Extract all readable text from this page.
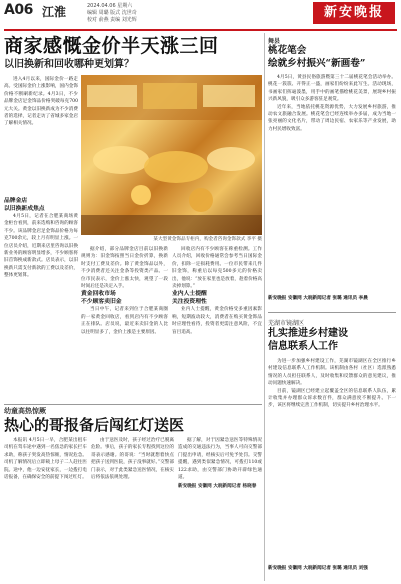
A06 江淮	2024.04.06 星期六
编辑 周璐 版式 沈世奇
校对 俞燕 责编 刘光辉	新安晚报
商家感慨金价半天涨三回
以旧换新和回收哪种更划算？

进入4月以来，国际金价一路走高。受国际金价上涨影响，国内金饰价格不断刷新纪录。4月3日，不少品牌金店足金饰品价格突破每克700元大关。黄金以旧换新成为不少消费者的选择，记者走访了省城多家金店了解相关情况。

品牌金店
以旧换新成焦点

4月5日，记者在合肥某商场黄金柜台看到，前来选购和咨询的顾客不少。该品牌金店足金饰品价格为每克700余元，较上月有明显上涨。一位店员介绍，近期来店里咨询以旧换新业务的顾客明显增多，不少顾客将旧首饰换成新款式。店员表示，以旧换新只需支付新款的工费以及差价，整体更划算。

某大型黄金饰品专柜内，购金者咨询金饰款式 李平 摄

据介绍，部分品牌金店目前以旧换新规则为：旧金饰按照当日金价折算，换新时支付工费及差价。除了黄金饰品以外，不少消费者还关注金条等投资类产品。一位市民表示，金价上涨太快，观望了一段时间后还是决定入手。

黄金回收市场
不少顾客卖旧金

当日中午，记者来到位于合肥某商圈的一家黄金回收店，看到店内有不少顾客正在排队。店员说，最近来卖旧金的人比以往明显多了，金价上涨是主要原因。

回收店内有不少顾客在称重检测。工作人员介绍，回收价格通常会参考当日国际金价，扣除一定损耗费用。一位市民带来几件旧金饰，称重后以每克500多元的价格卖出，他说：“放在家里也是放着，趁着价格高卖掉划算。”

业内人士提醒
关注投资理性

业内人士提醒，黄金价格受多重因素影响，短期波动较大，消费者在购买黄金饰品时应理性看待，投资者更需注意风险，不宜盲目追高。

幼童高热惊厥
热心的哥报备后闯红灯送医

本报讯 4月5日一早，合肥某出租车司机在驾车途中遇到一名焦急的家长拦车求助，称孩子突发高热惊厥，情况危急。司机了解情况后立即载上母子二人赶往医院。途中，他一边安抚家长，一边拨打电话报备，在确保安全的前提下闯过红灯。

由于送医及时，孩子经过治疗已脱离危险。事后，孩子的家长专程找到这位的哥表示感谢。的哥说：“当时就想着快点把孩子送到医院，孩子没事就好。”交警部门表示，对于此类紧急送医情况，在核实后将依法依规处理。

据了解，对于因紧急送医等特殊情况造成的交通违法行为，当事人可向交警部门提出申请，经核实后可免予处罚。交警提醒，遇到类似紧急情况，可拨打110或122求助，由交警部门协助开辟绿色通道。

新安晚报 安徽网 大皖新闻记者 杨晓春

舞县
桃花笔会
绘就乡村振兴“新画卷”

4月5日，黄县民俗旅游暨第三十二届桃花笔会活动举办。桃花一簇簇、开得正一盛，画家们纷纷来此写生。活动现场，书画家们挥毫泼墨，用手中的画笔描绘桃花美景，展现乡村振兴新风貌，吸引众多游客驻足观赏。

近年来，当地依托桃花资源优势，大力发展乡村旅游，推动农文旅融合发展。桃花笔会已经连续举办多届，成为当地一张亮丽的文化名片，带动了周边民宿、农家乐等产业发展，助力村民增收致富。

新安晚报 安徽网 大皖新闻记者 张璐 通讯员 李晨
芜湖市镜湖区
扎实推进乡村建设
信息联系人工作

为进一步加强乡村建设工作，芜湖市镜湖区在全区推行乡村建设信息联系人工作机制。该机制由各村（社区）选派熟悉情况的人员担任联系人，及时收集和反馈群众的意见建议，推动问题快速解决。

目前，镜湖区已经建立起覆盖全区的信息联系人队伍，累计收集并办理群众诉求数百件，群众满意度不断提升。下一步，该区将继续完善工作机制，切实提升乡村治理水平。

新安晚报 安徽网 大皖新闻记者 张璐 通讯员 刘强
